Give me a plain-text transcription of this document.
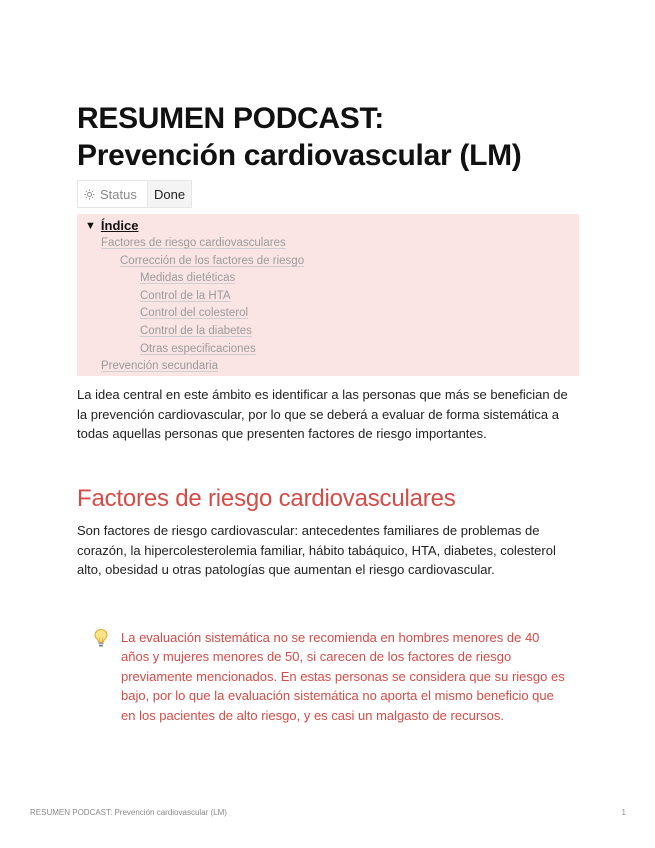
RESUMEN PODCAST:
Prevención cardiovascular (LM)
Status	Done
▼ Índice
Factores de riesgo cardiovasculares
Corrección de los factores de riesgo
Medidas dietéticas
Control de la HTA
Control del colesterol
Control de la diabetes
Otras especificaciones
Prevención secundaria

La idea central en este ámbito es identificar a las personas que más se benefician de la prevención cardiovascular, por lo que se deberá a evaluar de forma sistemática a todas aquellas personas que presenten factores de riesgo importantes.

Factores de riesgo cardiovasculares

Son factores de riesgo cardiovascular: antecedentes familiares de problemas de corazón, la hipercolesterolemia familiar, hábito tabáquico, HTA, diabetes, colesterol alto, obesidad u otras patologías que aumentan el riesgo cardiovascular.

La evaluación sistemática no se recomienda en hombres menores de 40 años y mujeres menores de 50, si carecen de los factores de riesgo previamente mencionados. En estas personas se considera que su riesgo es bajo, por lo que la evaluación sistemática no aporta el mismo beneficio que en los pacientes de alto riesgo, y es casi un malgasto de recursos.

RESUMEN PODCAST: Prevención cardiovascular (LM)	1
